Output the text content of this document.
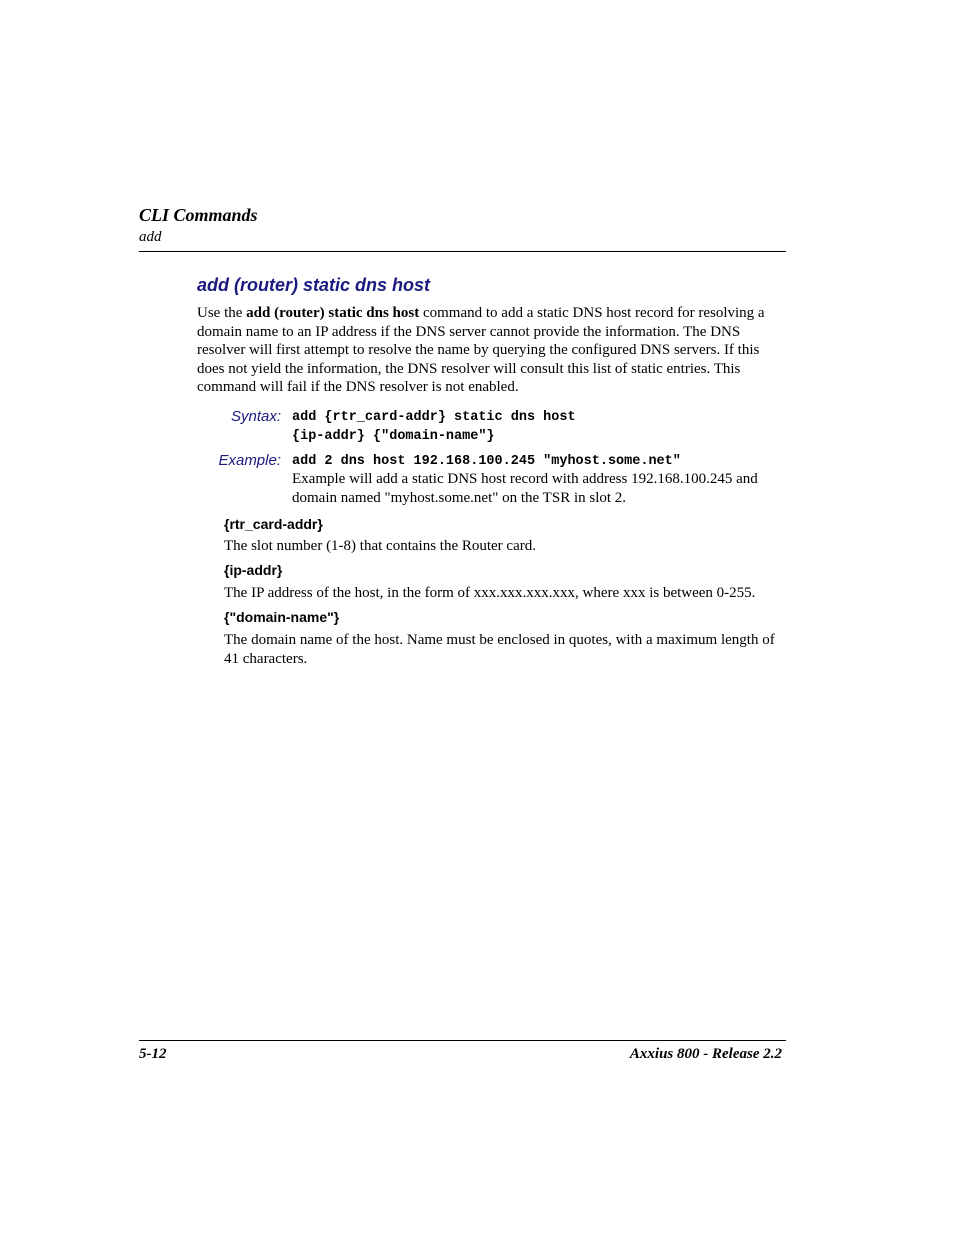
CLI Commands
add
add (router) static dns host
Use the add (router) static dns host command to add a static DNS host record for resolving a domain name to an IP address if the DNS server cannot provide the information. The DNS resolver will first attempt to resolve the name by querying the configured DNS servers. If this does not yield the information, the DNS resolver will consult this list of static entries. This command will fail if the DNS resolver is not enabled.
Syntax: add {rtr_card-addr} static dns host
{ip-addr} {"domain-name"}
Example: add 2 dns host 192.168.100.245 "myhost.some.net"
Example will add a static DNS host record with address 192.168.100.245 and domain named "myhost.some.net" on the TSR in slot 2.
{rtr_card-addr}
The slot number (1-8) that contains the Router card.
{ip-addr}
The IP address of the host, in the form of xxx.xxx.xxx.xxx, where xxx is between 0-255.
{"domain-name"}
The domain name of the host. Name must be enclosed in quotes, with a maximum length of 41 characters.
5-12	Axxius 800 - Release 2.2
